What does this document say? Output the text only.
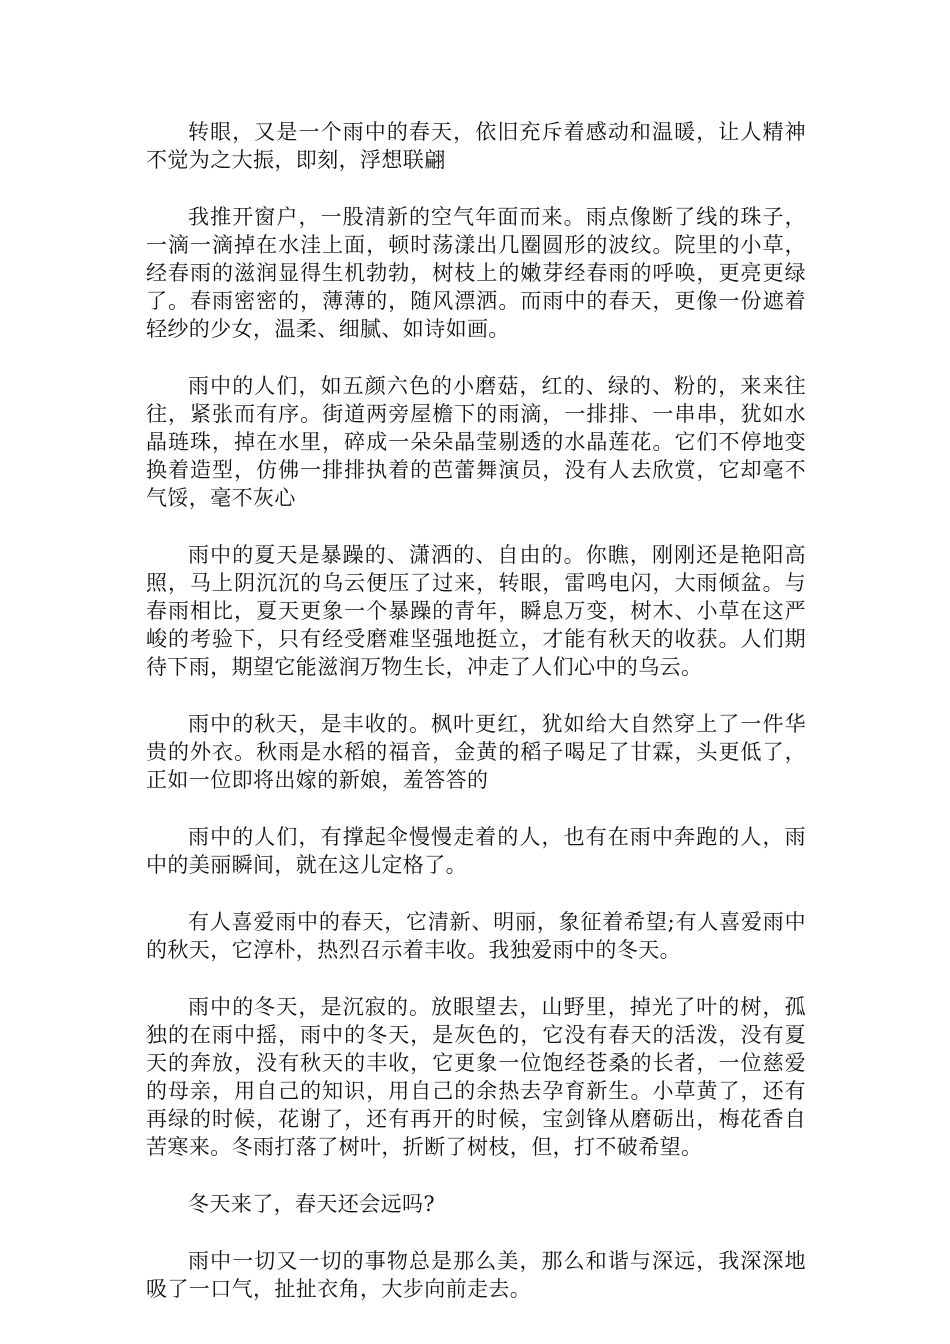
转眼，又是一个雨中的春天，依旧充斥着感动和温暖，让人精神不觉为之大振，即刻，浮想联翩

我推开窗户，一股清新的空气年面而来。雨点像断了线的珠子，一滴一滴掉在水洼上面，顿时荡漾出几圈圆形的波纹。院里的小草，经春雨的滋润显得生机勃勃，树枝上的嫩芽经春雨的呼唤，更亮更绿了。春雨密密的，薄薄的，随风漂洒。而雨中的春天，更像一份遮着轻纱的少女，温柔、细腻、如诗如画。

雨中的人们，如五颜六色的小磨菇，红的、绿的、粉的，来来往往，紧张而有序。街道两旁屋檐下的雨滴，一排排、一串串，犹如水晶琏珠，掉在水里，碎成一朵朵晶莹剔透的水晶莲花。它们不停地变换着造型，仿佛一排排执着的芭蕾舞演员，没有人去欣赏，它却毫不气馁，毫不灰心

雨中的夏天是暴躁的、潇洒的、自由的。你瞧，刚刚还是艳阳高照，马上阴沉沉的乌云便压了过来，转眼，雷鸣电闪，大雨倾盆。与春雨相比，夏天更象一个暴躁的青年，瞬息万变，树木、小草在这严峻的考验下，只有经受磨难坚强地挺立，才能有秋天的收获。人们期待下雨，期望它能滋润万物生长，冲走了人们心中的乌云。

雨中的秋天，是丰收的。枫叶更红，犹如给大自然穿上了一件华贵的外衣。秋雨是水稻的福音，金黄的稻子喝足了甘霖，头更低了，正如一位即将出嫁的新娘，羞答答的

雨中的人们，有撑起伞慢慢走着的人，也有在雨中奔跑的人，雨中的美丽瞬间，就在这儿定格了。

有人喜爱雨中的春天，它清新、明丽，象征着希望;有人喜爱雨中的秋天，它淳朴，热烈召示着丰收。我独爱雨中的冬天。

雨中的冬天，是沉寂的。放眼望去，山野里，掉光了叶的树，孤独的在雨中摇，雨中的冬天，是灰色的，它没有春天的活泼，没有夏天的奔放，没有秋天的丰收，它更象一位饱经苍桑的长者，一位慈爱的母亲，用自己的知识，用自己的余热去孕育新生。小草黄了，还有再绿的时候，花谢了，还有再开的时候，宝剑锋从磨砺出，梅花香自苦寒来。冬雨打落了树叶，折断了树枝，但，打不破希望。

冬天来了，春天还会远吗?

雨中一切又一切的事物总是那么美，那么和谐与深远，我深深地吸了一口气，扯扯衣角，大步向前走去。
